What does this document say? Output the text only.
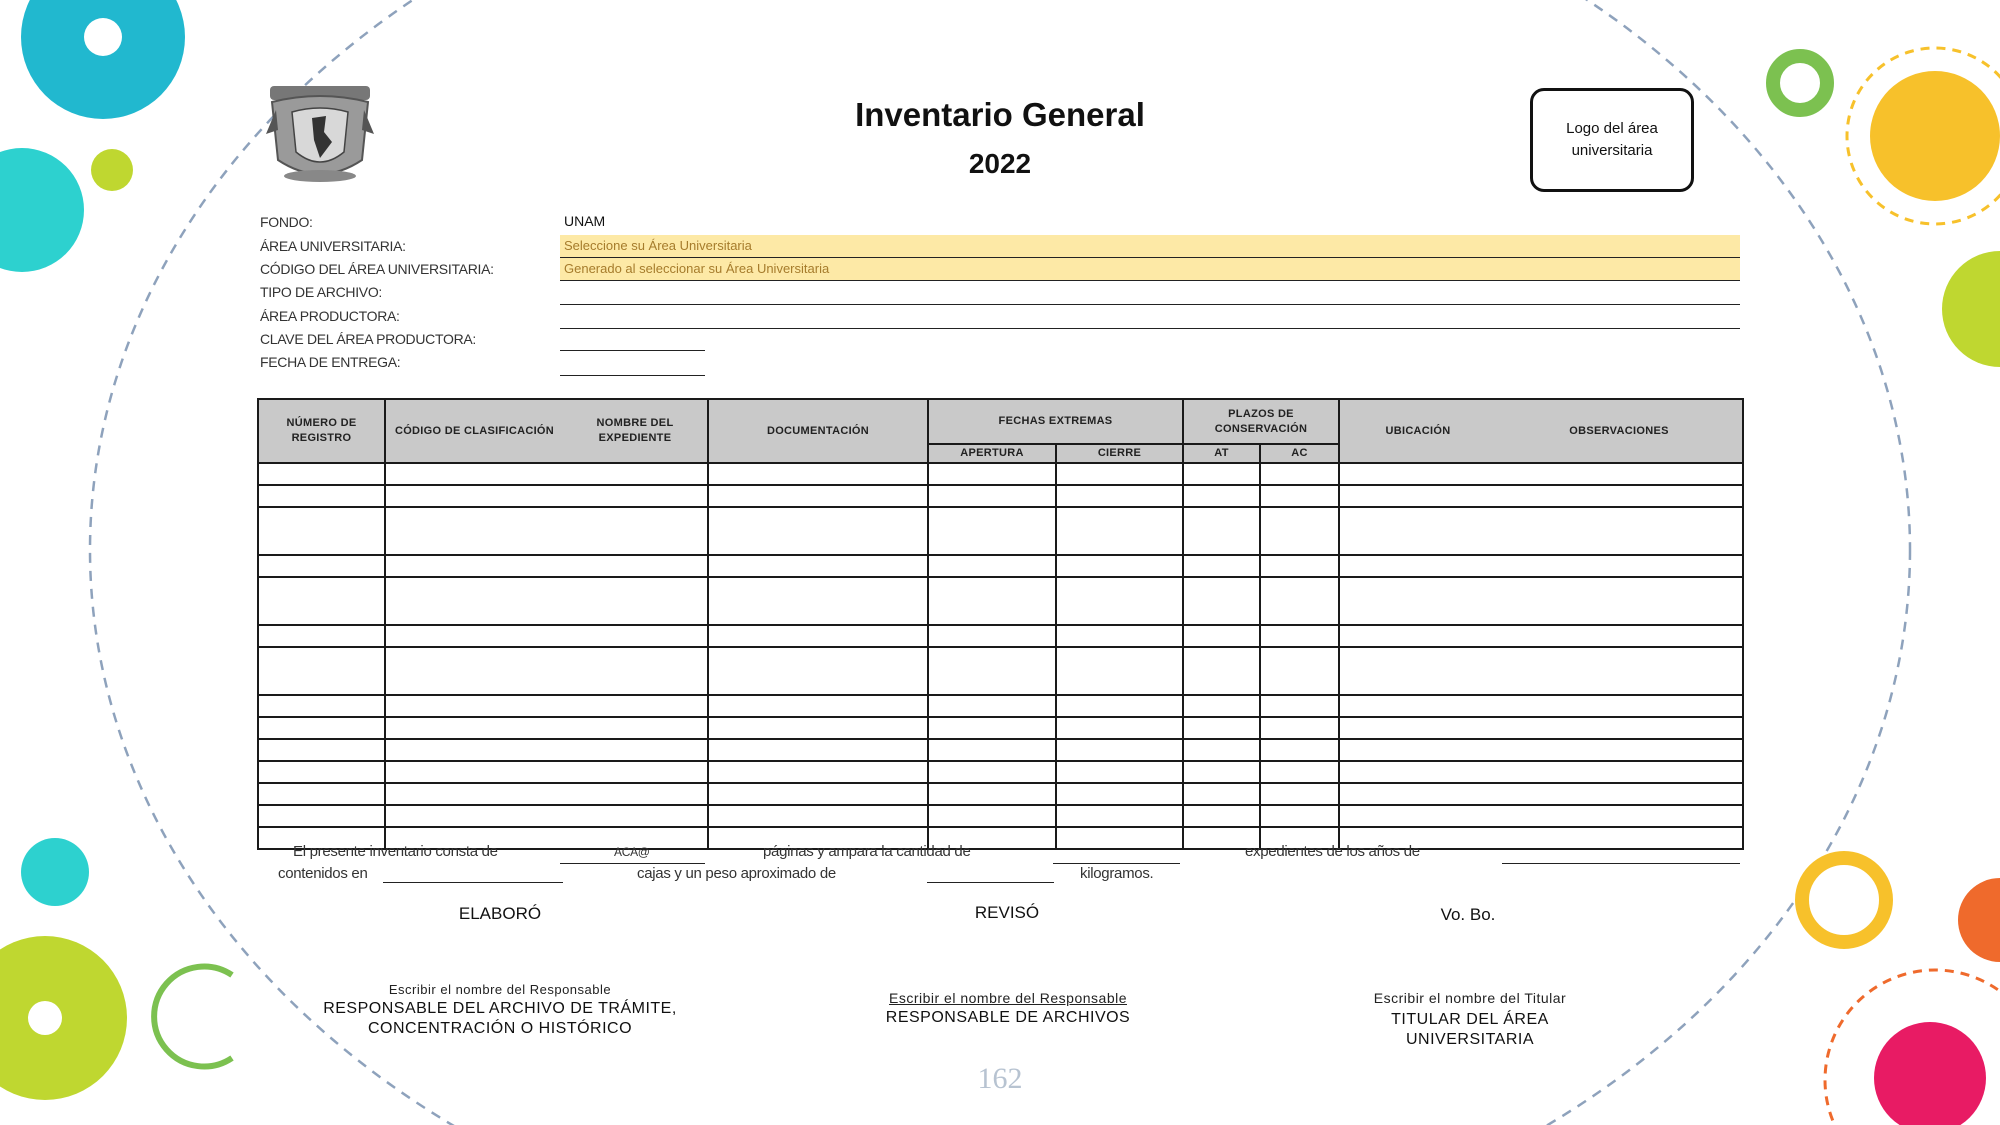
Inventario General
2022
Logo del área universitaria
FONDO:	UNAM
ÁREA UNIVERSITARIA:	Seleccione su Área Universitaria
CÓDIGO DEL ÁREA UNIVERSITARIA:	Generado al seleccionar su Área Universitaria
TIPO DE ARCHIVO:
ÁREA PRODUCTORA:
CLAVE DEL ÁREA PRODUCTORA:
FECHA DE ENTREGA:
NÚMERO DE REGISTRO	CÓDIGO DE CLASIFICACIÓN	NOMBRE DEL EXPEDIENTE	DOCUMENTACIÓN	FECHAS EXTREMAS		PLAZOS DE CONSERVACIÓN		UBICACIÓN	OBSERVACIONES
				APERTURA	CIERRE	AT	AC		

El presente inventario consta de	ACA@	páginas y ampara la cantidad de	expedientes de los años de
contenidos en	cajas y un peso aproximado de	kilogramos.
ELABORÓ	REVISÓ	Vo. Bo.
Escribir el nombre del Responsable
RESPONSABLE DEL ARCHIVO DE TRÁMITE,
CONCENTRACIÓN O HISTÓRICO
Escribir el nombre del Responsable
RESPONSABLE DE ARCHIVOS
Escribir el nombre del Titular
TITULAR DEL ÁREA
UNIVERSITARIA
162
